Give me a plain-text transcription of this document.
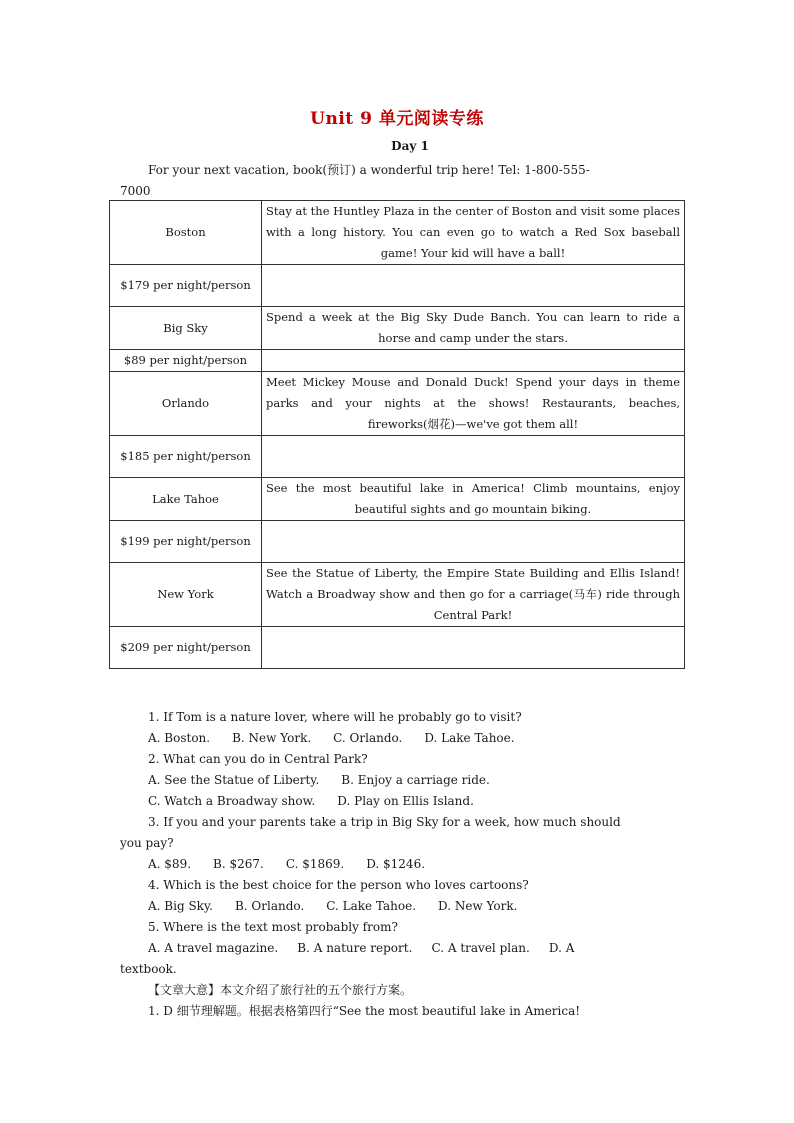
Unit 9 单元阅读专练
Day 1
For your next vacation, book(预订) a wonderful trip here! Tel: 1-800-555-
7000
Boston	Stay at the Huntley Plaza in the center of Boston and visit some places with a long history. You can even go to watch a Red Sox baseball game! Your kid will have a ball!
$179 per night/person	
Big Sky	Spend a week at the Big Sky Dude Banch. You can learn to ride a horse and camp under the stars.
$89 per night/person	
Orlando	Meet Mickey Mouse and Donald Duck! Spend your days in theme parks and your nights at the shows! Restaurants, beaches, fireworks(烟花)—we've got them all!
$185 per night/person	
Lake Tahoe	See the most beautiful lake in America! Climb mountains, enjoy beautiful sights and go mountain biking.
$199 per night/person	
New York	See the Statue of Liberty, the Empire State Building and Ellis Island! Watch a Broadway show and then go for a carriage(马车) ride through Central Park!
$209 per night/person	
1. If Tom is a nature lover, where will he probably go to visit?
A. Boston. B. New York. C. Orlando. D. Lake Tahoe.
2. What can you do in Central Park?
A. See the Statue of Liberty. B. Enjoy a carriage ride.
C. Watch a Broadway show. D. Play on Ellis Island.
3. If you and your parents take a trip in Big Sky for a week, how much should
you pay?
A. $89. B. $267. C. $1869. D. $1246.
4. Which is the best choice for the person who loves cartoons?
A. Big Sky. B. Orlando. C. Lake Tahoe. D. New York.
5. Where is the text most probably from?
A. A travel magazine.     B. A nature report.     C. A travel plan.     D. A
textbook.
【文章大意】本文介绍了旅行社的五个旅行方案。
1. D 细节理解题。根据表格第四行“See the most beautiful lake in America!
